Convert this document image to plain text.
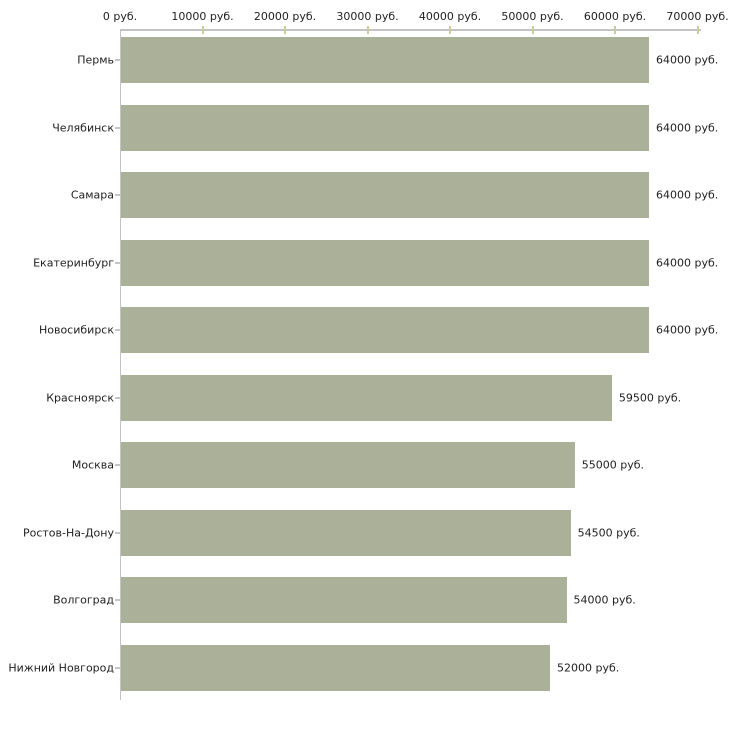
0 руб.	10000 руб. 20000 руб. 30000 руб. 40000 руб. 50000 руб. 60000 руб. 70000 руб.
Пермь	64000 руб.
Челябинск	64000 руб.
Самара	64000 руб.
Екатеринбург	64000 руб.
Новосибирск	64000 руб.
Красноярск	59500 руб.
Москва	55000 руб.
Ростов-На-Дону	54500 руб.
Волгоград	54000 руб.
Нижний Новгород	52000 руб.
